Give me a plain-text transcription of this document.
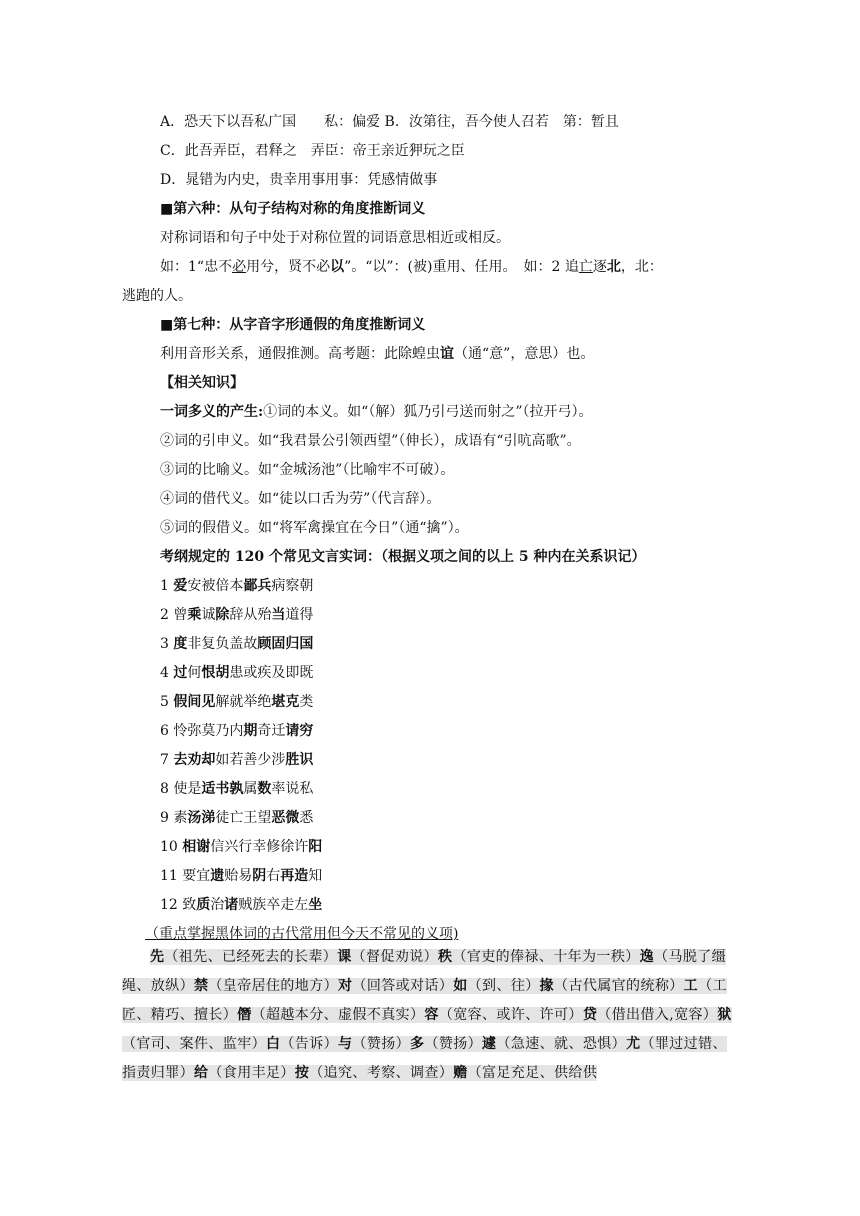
A．恐天下以吾私广国　　私：偏爱 B．汝第往，吾今使人召若　第：暂且
C．此吾弄臣，君释之　弄臣：帝王亲近狎玩之臣
D．晁错为内史，贵幸用事用事：凭感情做事
■第六种：从句子结构对称的角度推断词义
对称词语和句子中处于对称位置的词语意思相近或相反。
如：1“忠不必用兮，贤不必以”。“以”：(被)重用、任用。　如：2 追亡逐北，北：
逃跑的人。
■第七种：从字音字形通假的角度推断词义
利用音形关系，通假推测。高考题：此除蝗虫谊（通“意”，意思）也。
【相关知识】
一词多义的产生:①词的本义。如“（解）狐乃引弓送而射之”（拉开弓）。
②词的引申义。如“我君景公引领西望”（伸长），成语有“引吭高歌”。
③词的比喻义。如“金城汤池”（比喻牢不可破）。
④词的借代义。如“徒以口舌为劳”（代言辞）。
⑤词的假借义。如“将军禽操宜在今日”（通“擒”）。
考纲规定的 120 个常见文言实词：（根据义项之间的以上 5 种内在关系识记）
1 爱安被倍本鄙兵病察朝
2 曾乘诚除辞从殆当道得
3 度非复负盖故顾固归国
4 过何恨胡患或疾及即既
5 假间见解就举绝堪克类
6 怜弥莫乃内期奇迁请穷
7 去劝却如若善少涉胜识
8 使是适书孰属数率说私
9 素汤涕徒亡王望恶微悉
10 相谢信兴行幸修徐许阳
11 要宜遗贻易阴右再造知
12 致质治诸贼族卒走左坐
（重点掌握黑体词的古代常用但今天不常见的义项)
先（祖先、已经死去的长辈）课（督促劝说）秩（官吏的俸禄、十年为一秩）逸（马脱了缰绳、放纵）禁（皇帝居住的地方）对（回答或对话）如（到、往）掾（古代属官的统称）工（工匠、精巧、擅长）僭（超越本分、虚假不真实）容（宽容、或许、许可）贷（借出借入,宽容）狱（官司、案件、监牢）白（告诉）与（赞扬）多（赞扬）遽（急速、就、恐惧）尤（罪过过错、指责归罪）给（食用丰足）按（追究、考察、调查）赡（富足充足、供给供
